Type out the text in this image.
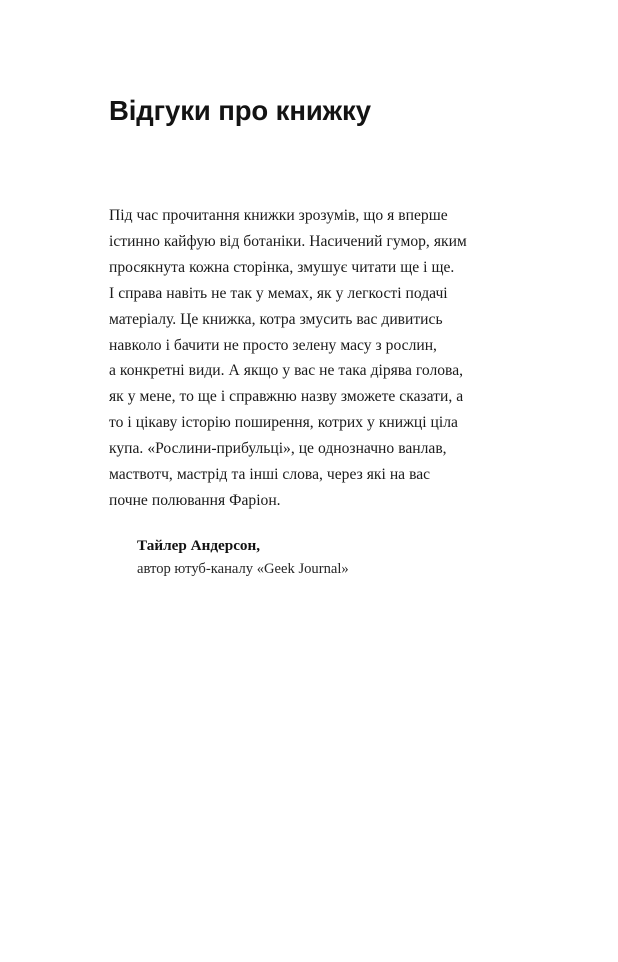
Відгуки про книжку

Під час прочитання книжки зрозумів, що я вперше
істинно кайфую від ботаніки. Насичений гумор, яким
просякнута кожна сторінка, змушує читати ще і ще.
І справа навіть не так у мемах, як у легкості подачі
матеріалу. Це книжка, котра змусить вас дивитись
навколо і бачити не просто зелену масу з рослин,
а конкретні види. А якщо у вас не така дірява голова,
як у мене, то ще і справжню назву зможете сказати, а
то і цікаву історію поширення, котрих у книжці ціла
купа. «Рослини-прибульці», це однозначно ванлав,
маствотч, мастрід та інші слова, через які на вас
почне полювання Фаріон.

Тайлер Андерсон,
автор ютуб-каналу «Geek Journal»
